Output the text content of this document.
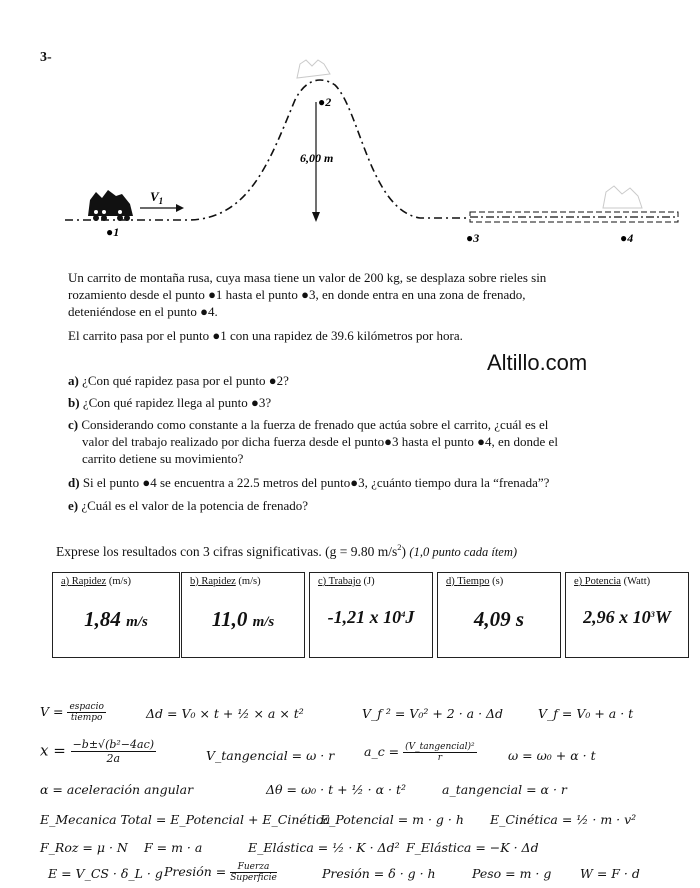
3-
$V_1$
6,00 m
●1
●2
●3	●4
Un carrito de montaña rusa, cuya masa tiene un valor de 200 kg, se desplaza sobre rieles sin
rozamiento desde el punto ●1 hasta el punto ●3, en donde entra en una zona de frenado,
deteniéndose en el punto ●4.
El carrito pasa por el punto ●1 con una rapidez de 39.6 kilómetros por hora.
Altillo.com
a) ¿Con qué rapidez pasa por el punto ●2?
b) ¿Con qué rapidez llega al punto ●3?
c) Considerando como constante a la fuerza de frenado que actúa sobre el carrito, ¿cuál es el
valor del trabajo realizado por dicha fuerza desde el punto●3 hasta el punto ●4, en donde el
carrito detiene su movimiento?
d) Si el punto ●4 se encuentra a 22.5 metros del punto●3, ¿cuánto tiempo dura la “frenada”?
e) ¿Cuál es el valor de la potencia de frenado?
Exprese los resultados con 3 cifras significativas. (g = 9.80 $m/s^2$) (1,0 punto cada ítem)
a) Rapidez (m/s)
1,84 m/s
b) Rapidez (m/s)
11,0 m/s
c) Trabajo (J)
-1,21 x $10^4J$
d) Tiempo (s)
4,09 s
e) Potencia (Watt)
2,96 x $10^3W$
$V = \frac{\text{espacio}}{\text{tiempo}}$	Δd = V₀ × t + ½ × a × t²	V_f ² = V₀² + 2 · a · Δd	V_f = V₀ + a · t
$x = \frac{\text{−b±√(b²−4ac)}}{2a}$	V_tangencial = ω · r a_c = $\frac{\text{(V\_tangencial)²}}{r}$	ω = ω₀ + α · t
α = aceleración angular	Δθ = ω₀ · t + ½ · α · t²	a_tangencial = α · r
E_Mecanica Total = E_Potencial + E_Cinética
E_Potencial = m · g · h E_Cinética = ½ · m · v²
F_Roz = μ · N F = m · a	E_Elástica = ½ · K · Δd² F_Elástica = −K · Δd
E = V_CS · δ_L · g Presión = $\frac{\text{Fuerza}}{\text{Superficie}}$	Presión = δ · g · h	Peso = m · g W = F · d
